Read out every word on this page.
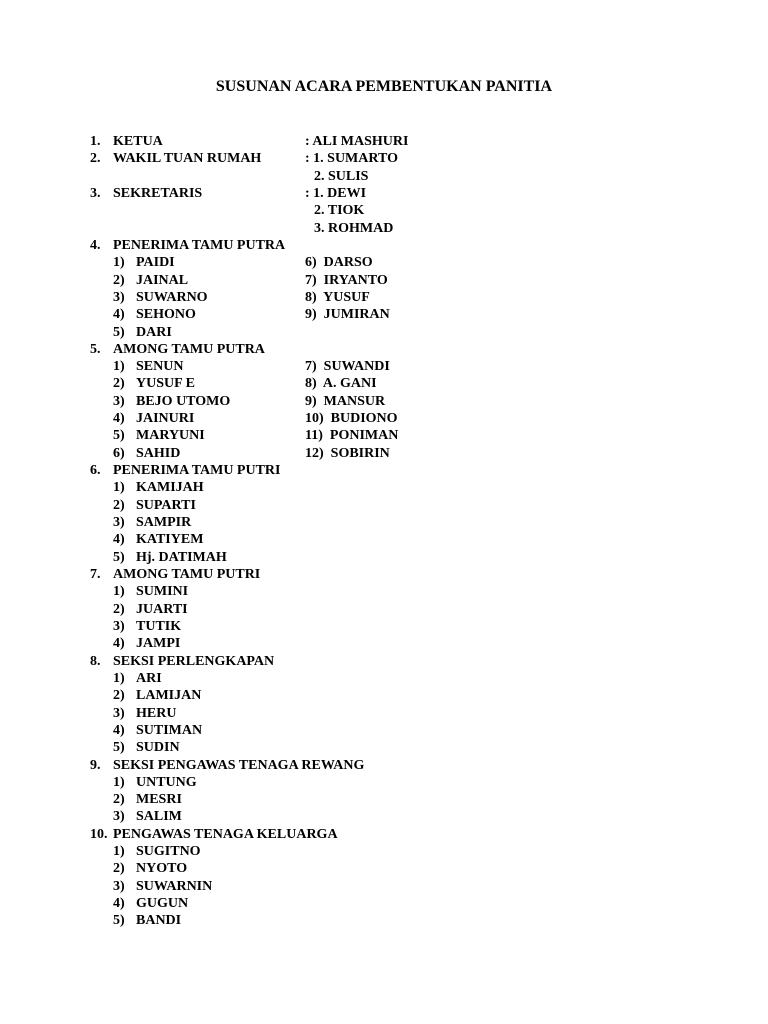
SUSUNAN ACARA PEMBENTUKAN PANITIA
1. KETUA	: ALI MASHURI
2. WAKIL TUAN RUMAH	: 1. SUMARTO
2. SULIS
3. SEKRETARIS	: 1. DEWI
2. TIOK
3. ROHMAD
4. PENERIMA TAMU PUTRA
1) PAIDI	6)  DARSO
2) JAINAL	7)  IRYANTO
3) SUWARNO	8)  YUSUF
4) SEHONO	9)  JUMIRAN
5) DARI
5. AMONG TAMU PUTRA
1) SENUN	7)  SUWANDI
2) YUSUF E	8)  A. GANI
3) BEJO UTOMO	9)  MANSUR
4) JAINURI	10)  BUDIONO
5) MARYUNI	11)  PONIMAN
6) SAHID	12)  SOBIRIN
6. PENERIMA TAMU PUTRI
1) KAMIJAH
2) SUPARTI
3) SAMPIR
4) KATIYEM
5) Hj. DATIMAH
7. AMONG TAMU PUTRI
1) SUMINI
2) JUARTI
3) TUTIK
4) JAMPI
8. SEKSI PERLENGKAPAN
1) ARI
2) LAMIJAN
3) HERU
4) SUTIMAN
5) SUDIN
9. SEKSI PENGAWAS TENAGA REWANG
1) UNTUNG
2) MESRI
3) SALIM
10. PENGAWAS TENAGA KELUARGA
1) SUGITNO
2) NYOTO
3) SUWARNIN
4) GUGUN
5) BANDI
